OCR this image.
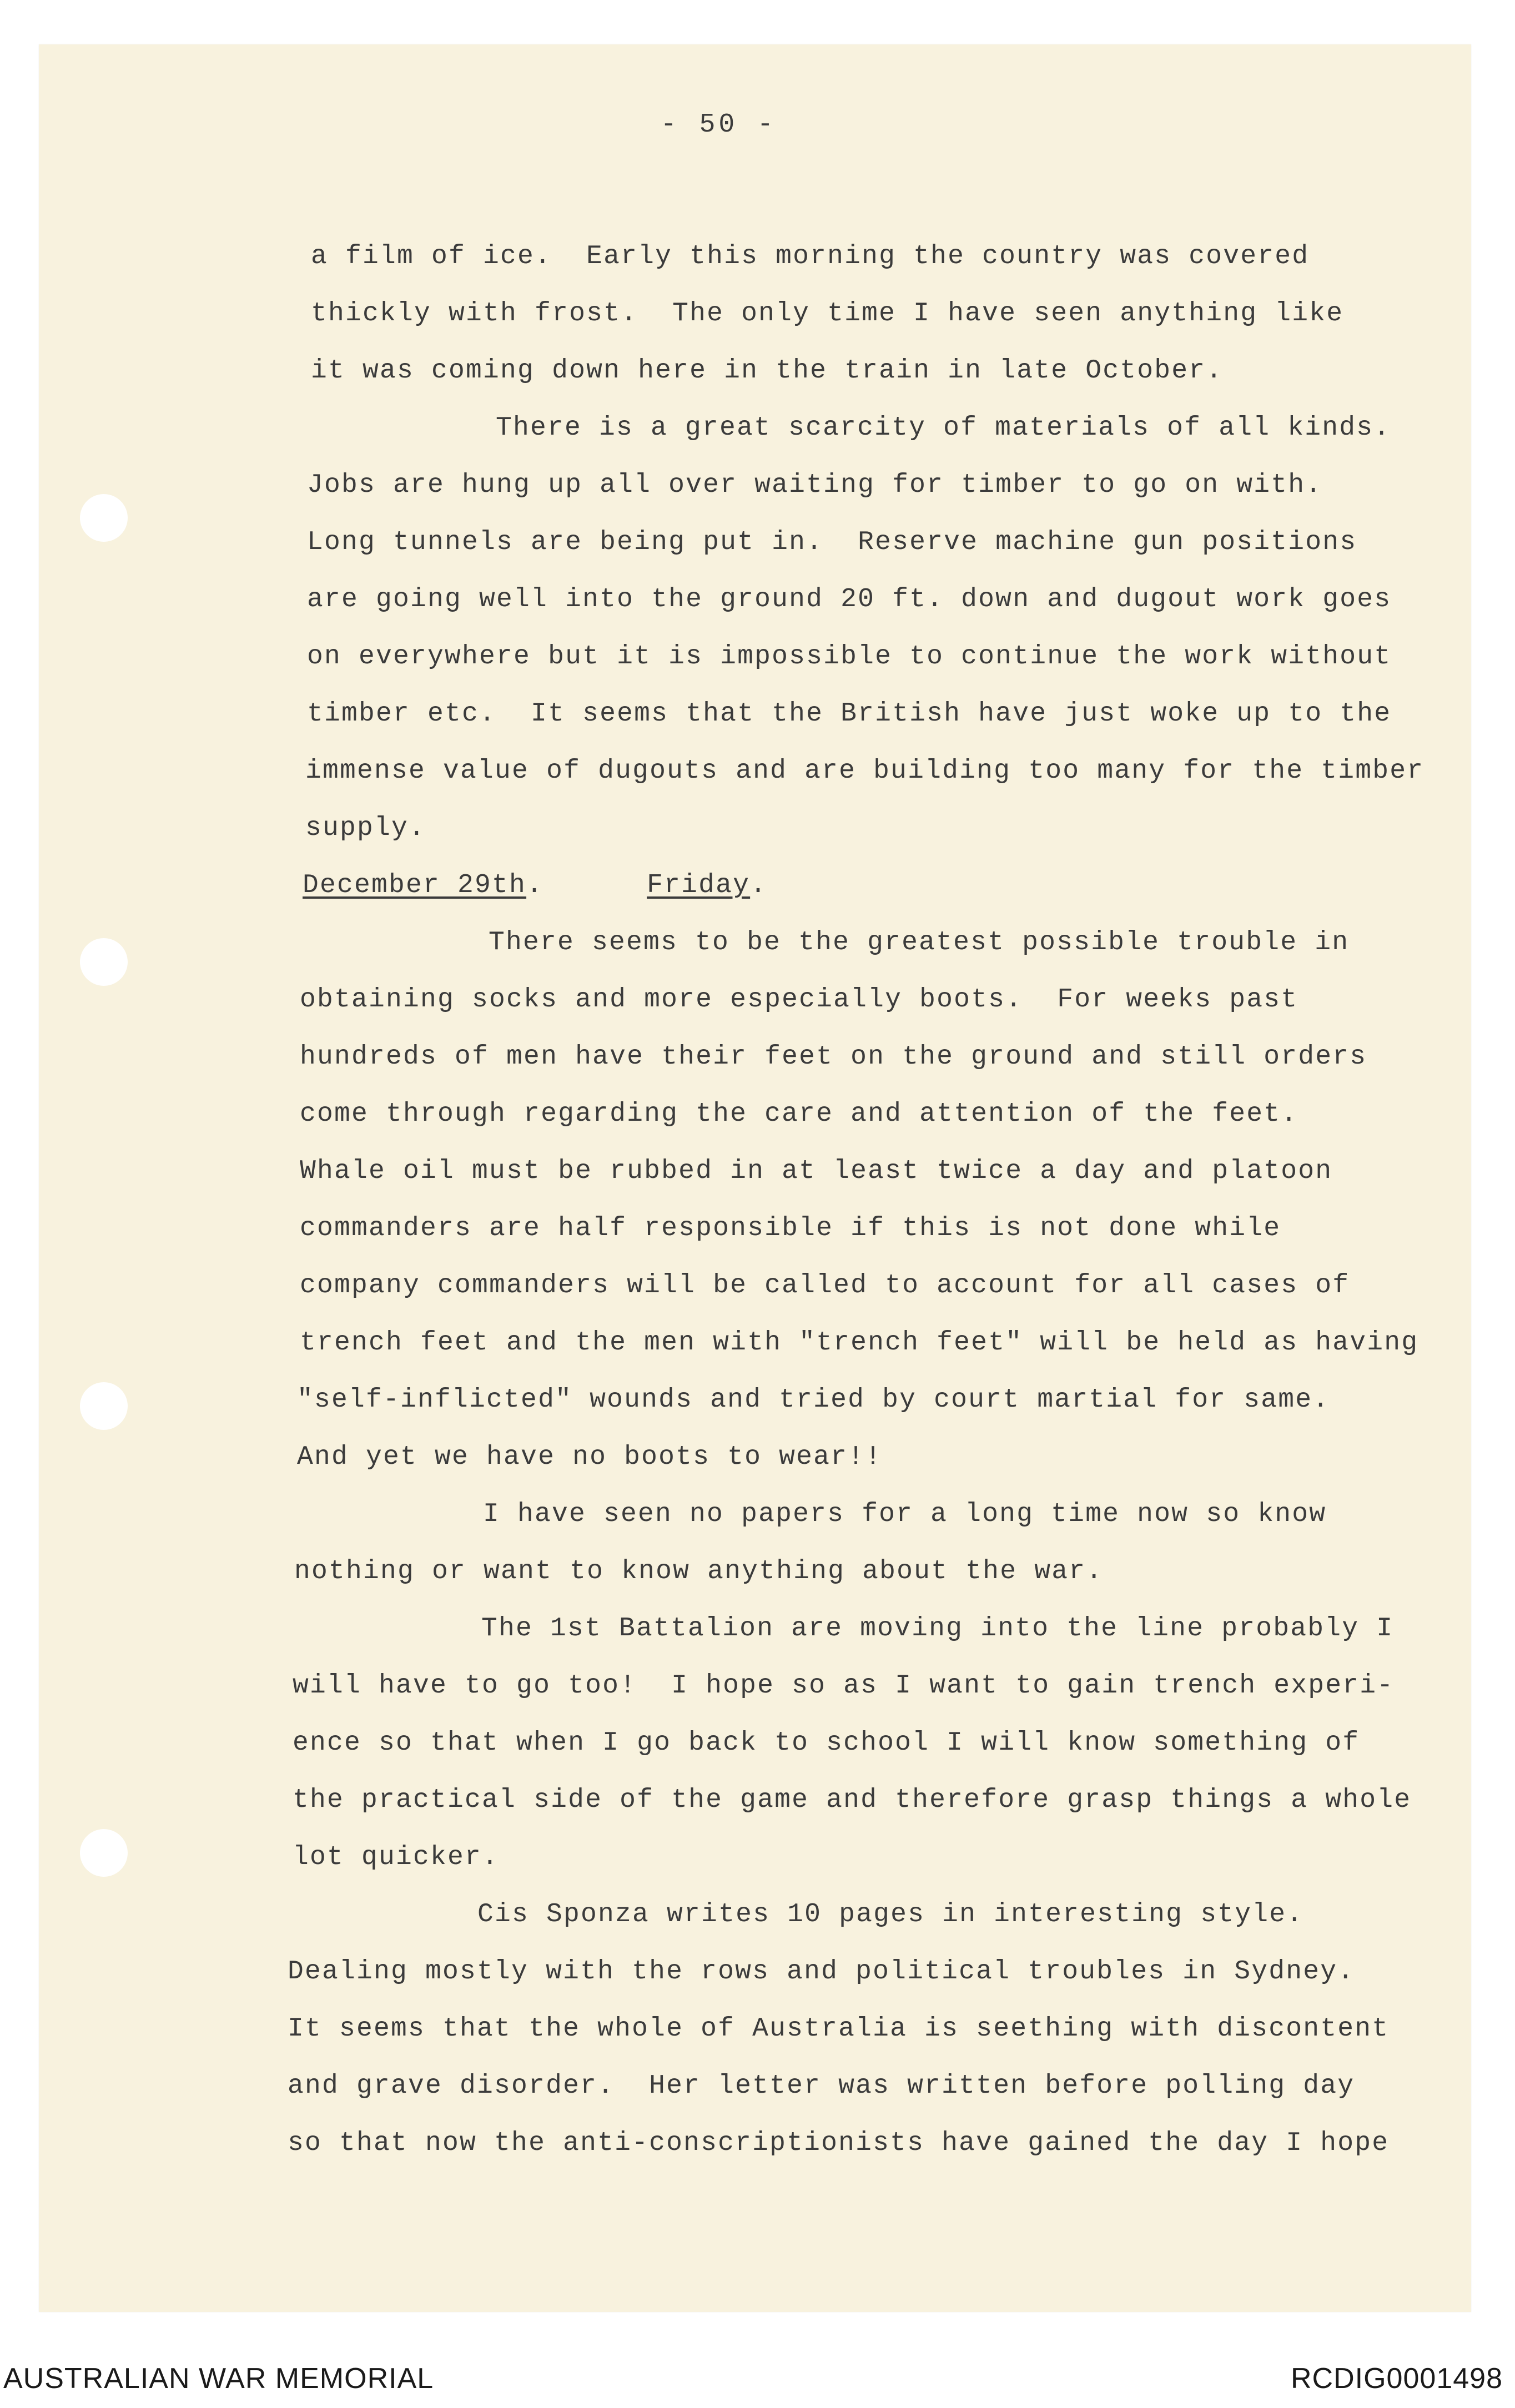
- 50 -
a film of ice.  Early this morning the country was covered
thickly with frost.  The only time I have seen anything like
it was coming down here in the train in late October.
There is a great scarcity of materials of all kinds.
Jobs are hung up all over waiting for timber to go on with.
Long tunnels are being put in.  Reserve machine gun positions
are going well into the ground 20 ft. down and dugout work goes
on everywhere but it is impossible to continue the work without
timber etc.  It seems that the British have just woke up to the
immense value of dugouts and are building too many for the timber
supply.
December 29th.      Friday.
There seems to be the greatest possible trouble in
obtaining socks and more especially boots.  For weeks past
hundreds of men have their feet on the ground and still orders
come through regarding the care and attention of the feet.
Whale oil must be rubbed in at least twice a day and platoon
commanders are half responsible if this is not done while
company commanders will be called to account for all cases of
trench feet and the men with "trench feet" will be held as having
"self-inflicted" wounds and tried by court martial for same.
And yet we have no boots to wear!!
I have seen no papers for a long time now so know
nothing or want to know anything about the war.
The 1st Battalion are moving into the line probably I
will have to go too!  I hope so as I want to gain trench experi-
ence so that when I go back to school I will know something of
the practical side of the game and therefore grasp things a whole
lot quicker.
Cis Sponza writes 10 pages in interesting style.
Dealing mostly with the rows and political troubles in Sydney.
It seems that the whole of Australia is seething with discontent
and grave disorder.  Her letter was written before polling day
so that now the anti-conscriptionists have gained the day I hope
AUSTRALIAN WAR MEMORIAL	RCDIG0001498
